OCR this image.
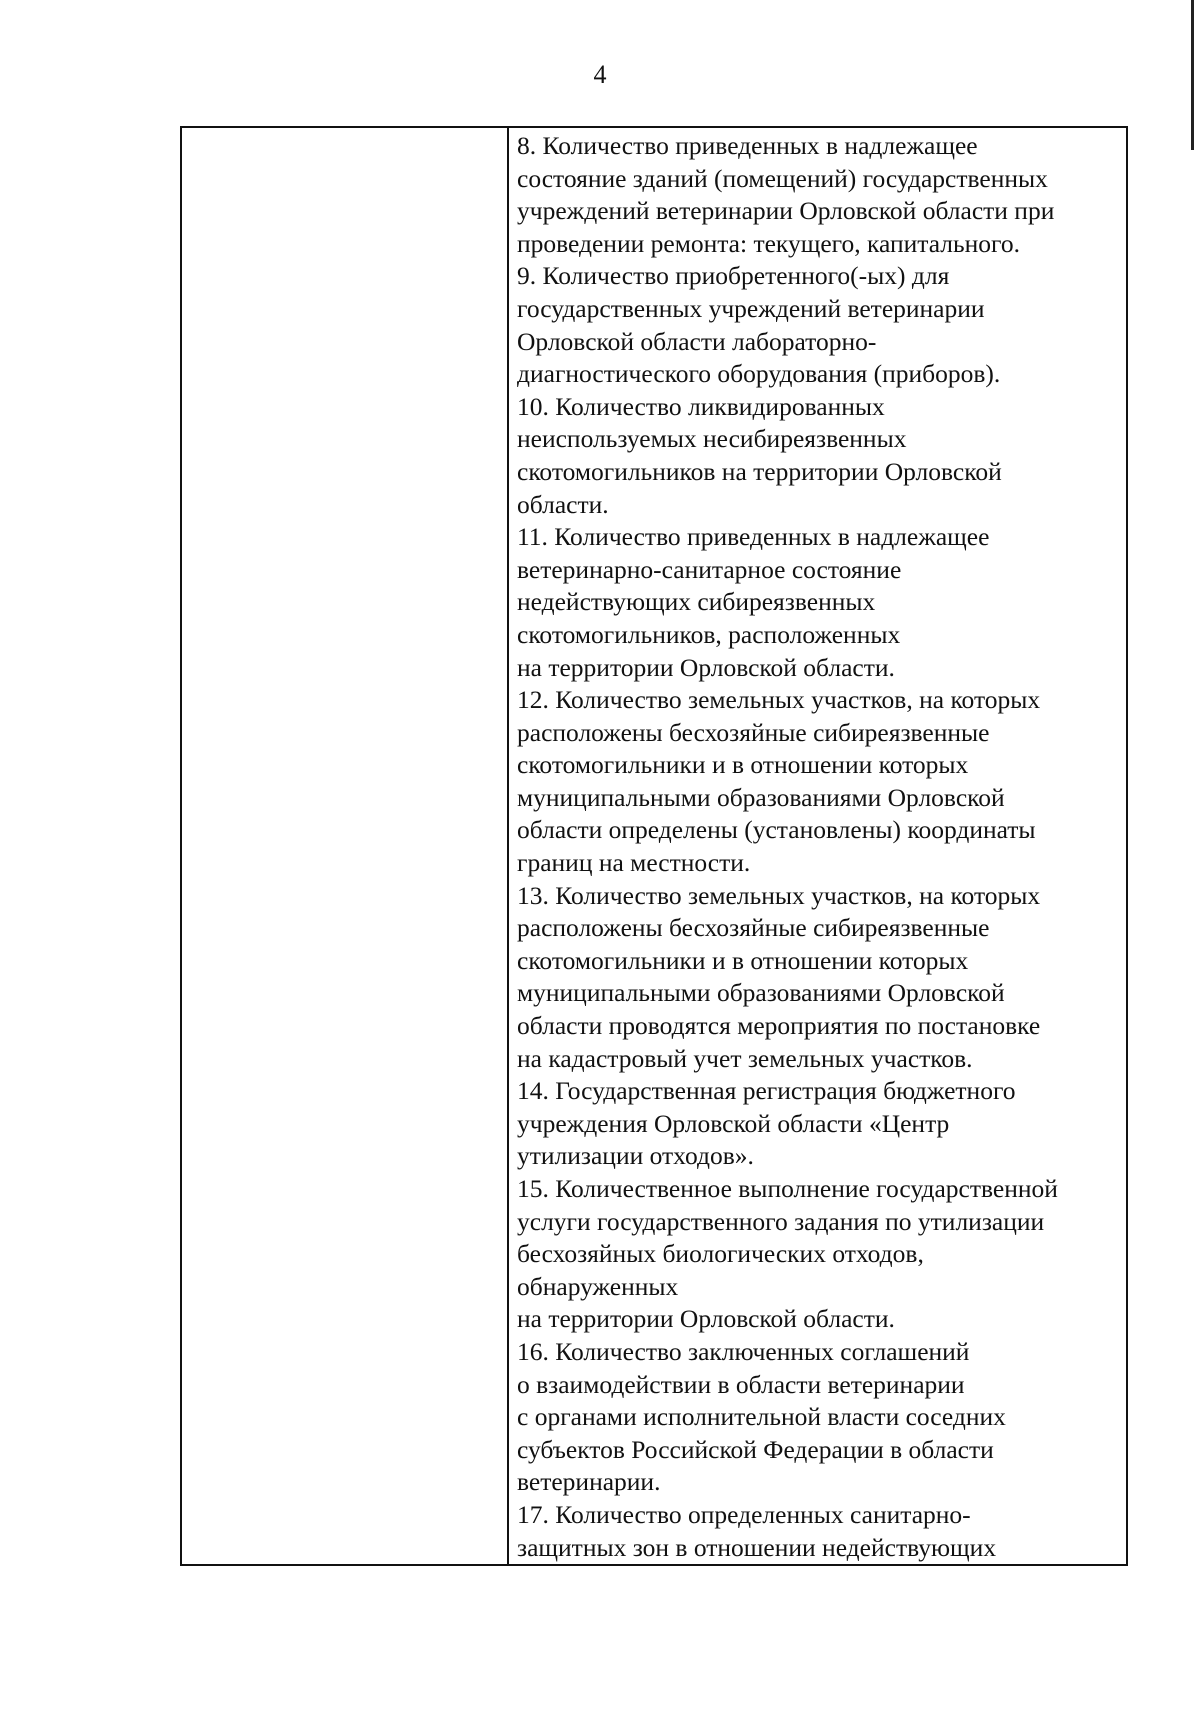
4

8. Количество приведенных в надлежащее
состояние зданий (помещений) государственных
учреждений ветеринарии Орловской области при
проведении ремонта: текущего, капитального.
9. Количество приобретенного(-ых) для
государственных учреждений ветеринарии
Орловской области лабораторно-
диагностического оборудования (приборов).
10. Количество ликвидированных
неиспользуемых несибиреязвенных
скотомогильников на территории Орловской
области.
11. Количество приведенных в надлежащее
ветеринарно-санитарное состояние
недействующих сибиреязвенных
скотомогильников, расположенных
на территории Орловской области.
12. Количество земельных участков, на которых
расположены бесхозяйные сибиреязвенные
скотомогильники и в отношении которых
муниципальными образованиями Орловской
области определены (установлены) координаты
границ на местности.
13. Количество земельных участков, на которых
расположены бесхозяйные сибиреязвенные
скотомогильники и в отношении которых
муниципальными образованиями Орловской
области проводятся мероприятия по постановке
на кадастровый учет земельных участков.
14. Государственная регистрация бюджетного
учреждения Орловской области «Центр
утилизации отходов».
15. Количественное выполнение государственной
услуги государственного задания по утилизации
бесхозяйных биологических отходов,
обнаруженных
на территории Орловской области.
16. Количество заключенных соглашений
о взаимодействии в области ветеринарии
с органами исполнительной власти соседних
субъектов Российской Федерации в области
ветеринарии.
17. Количество определенных санитарно-
защитных зон в отношении недействующих
